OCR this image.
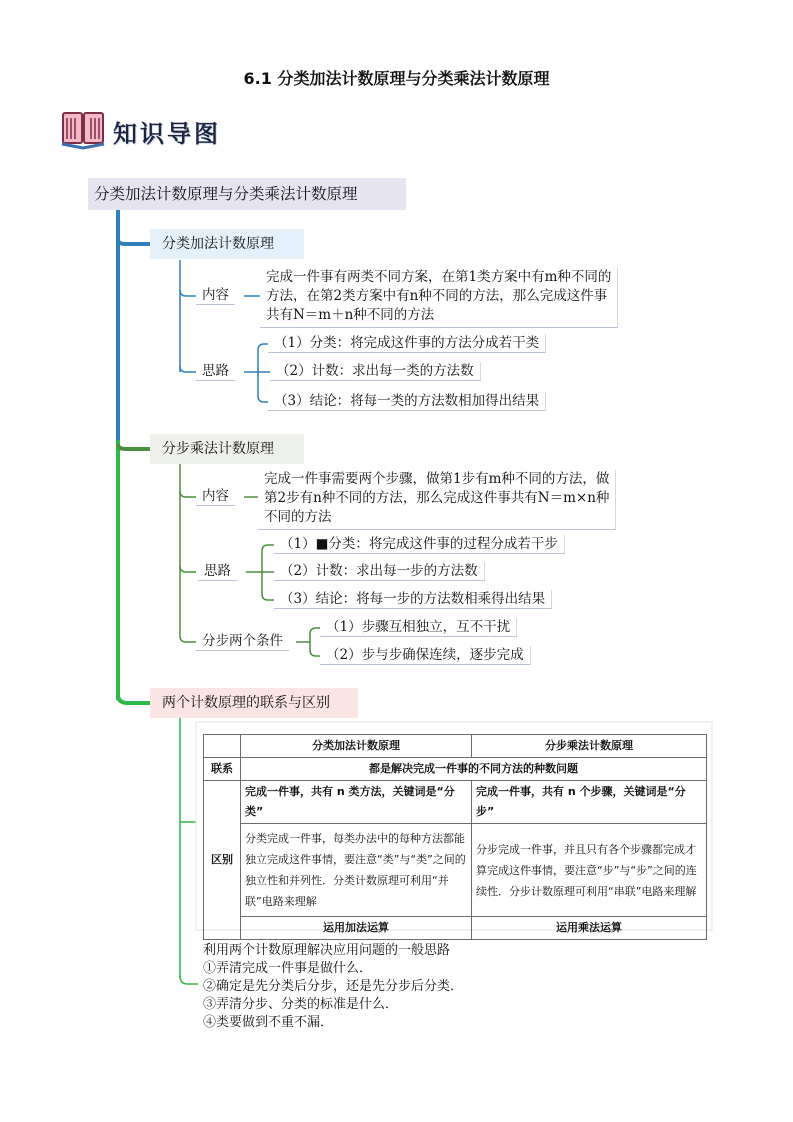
6.1 分类加法计数原理与分类乘法计数原理
知识导图
分类加法计数原理与分类乘法计数原理
分类加法计数原理
内容
完成一件事有两类不同方案，在第1类方案中有m种不同的
方法，在第2类方案中有n种不同的方法，那么完成这件事
共有N＝m＋n种不同的方法
思路
（1）分类：将完成这件事的方法分成若干类
（2）计数：求出每一类的方法数
（3）结论：将每一类的方法数相加得出结果
分步乘法计数原理
内容
完成一件事需要两个步骤，做第1步有m种不同的方法，做
第2步有n种不同的方法，那么完成这件事共有N＝m×n种
不同的方法
思路
（1）■分类：将完成这件事的过程分成若干步
（2）计数：求出每一步的方法数
（3）结论：将每一步的方法数相乘得出结果
分步两个条件
（1）步骤互相独立，互不干扰
（2）步与步确保连续，逐步完成
两个计数原理的联系与区别
	分类加法计数原理	分步乘法计数原理
联系	都是解决完成一件事的不同方法的种数问题	
区别	完成一件事，共有 n 类方法，关键词是“分类”	完成一件事，共有 n 个步骤，关键词是“分步”
	分类完成一件事，每类办法中的每种方法都能独立完成这件事情，要注意“类”与“类”之间的独立性和并列性．分类计数原理可利用“并联”电路来理解	分步完成一件事，并且只有各个步骤都完成才算完成这件事情，要注意“步”与“步”之间的连续性．分步计数原理可利用“串联”电路来理解
	运用加法运算	运用乘法运算
利用两个计数原理解决应用问题的一般思路
①弄清完成一件事是做什么．
②确定是先分类后分步，还是先分步后分类．
③弄清分步、分类的标准是什么．
④类要做到不重不漏．
